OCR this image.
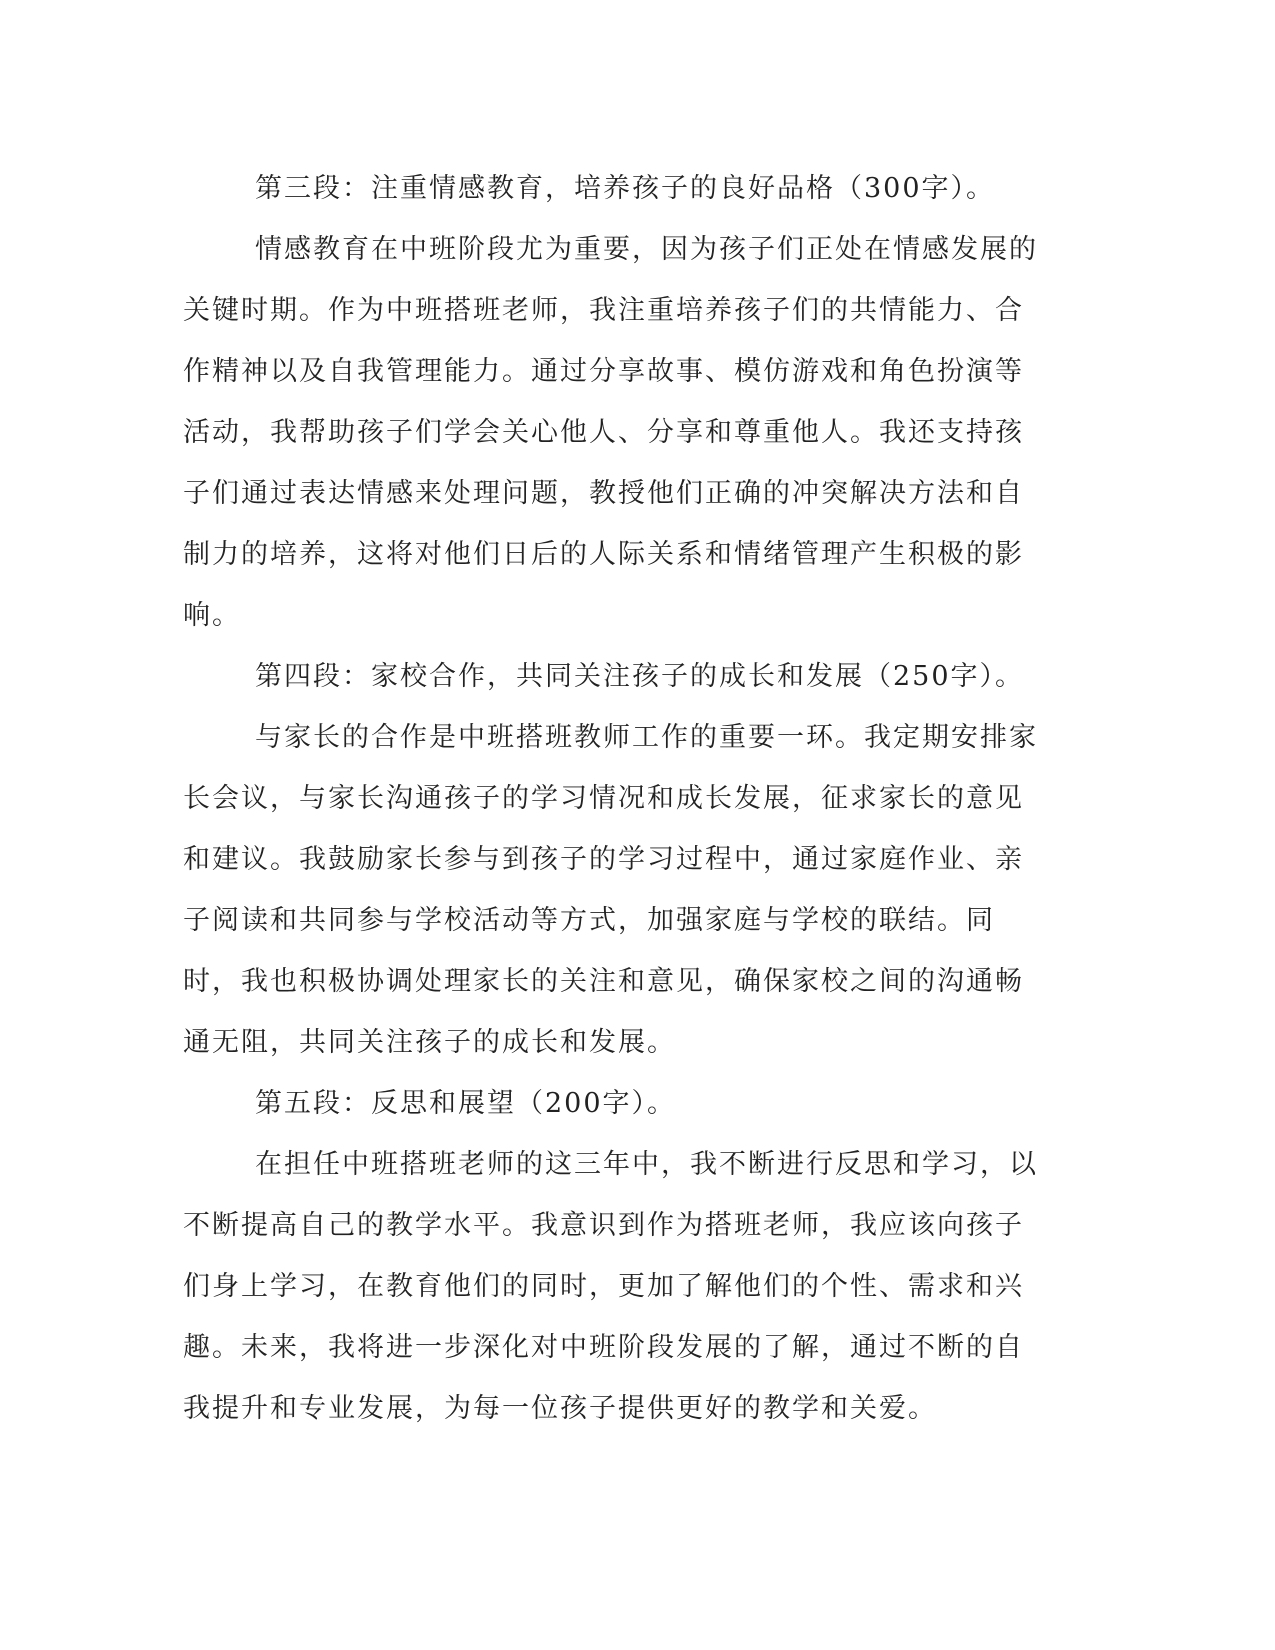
第三段：注重情感教育，培养孩子的良好品格（300字）。

情感教育在中班阶段尤为重要，因为孩子们正处在情感发展的关键时期。作为中班搭班老师，我注重培养孩子们的共情能力、合作精神以及自我管理能力。通过分享故事、模仿游戏和角色扮演等活动，我帮助孩子们学会关心他人、分享和尊重他人。我还支持孩子们通过表达情感来处理问题，教授他们正确的冲突解决方法和自制力的培养，这将对他们日后的人际关系和情绪管理产生积极的影响。

第四段：家校合作，共同关注孩子的成长和发展（250字）。

与家长的合作是中班搭班教师工作的重要一环。我定期安排家长会议，与家长沟通孩子的学习情况和成长发展，征求家长的意见和建议。我鼓励家长参与到孩子的学习过程中，通过家庭作业、亲子阅读和共同参与学校活动等方式，加强家庭与学校的联结。同时，我也积极协调处理家长的关注和意见，确保家校之间的沟通畅通无阻，共同关注孩子的成长和发展。

第五段：反思和展望（200字）。

在担任中班搭班老师的这三年中，我不断进行反思和学习，以不断提高自己的教学水平。我意识到作为搭班老师，我应该向孩子们身上学习，在教育他们的同时，更加了解他们的个性、需求和兴趣。未来，我将进一步深化对中班阶段发展的了解，通过不断的自我提升和专业发展，为每一位孩子提供更好的教学和关爱。
